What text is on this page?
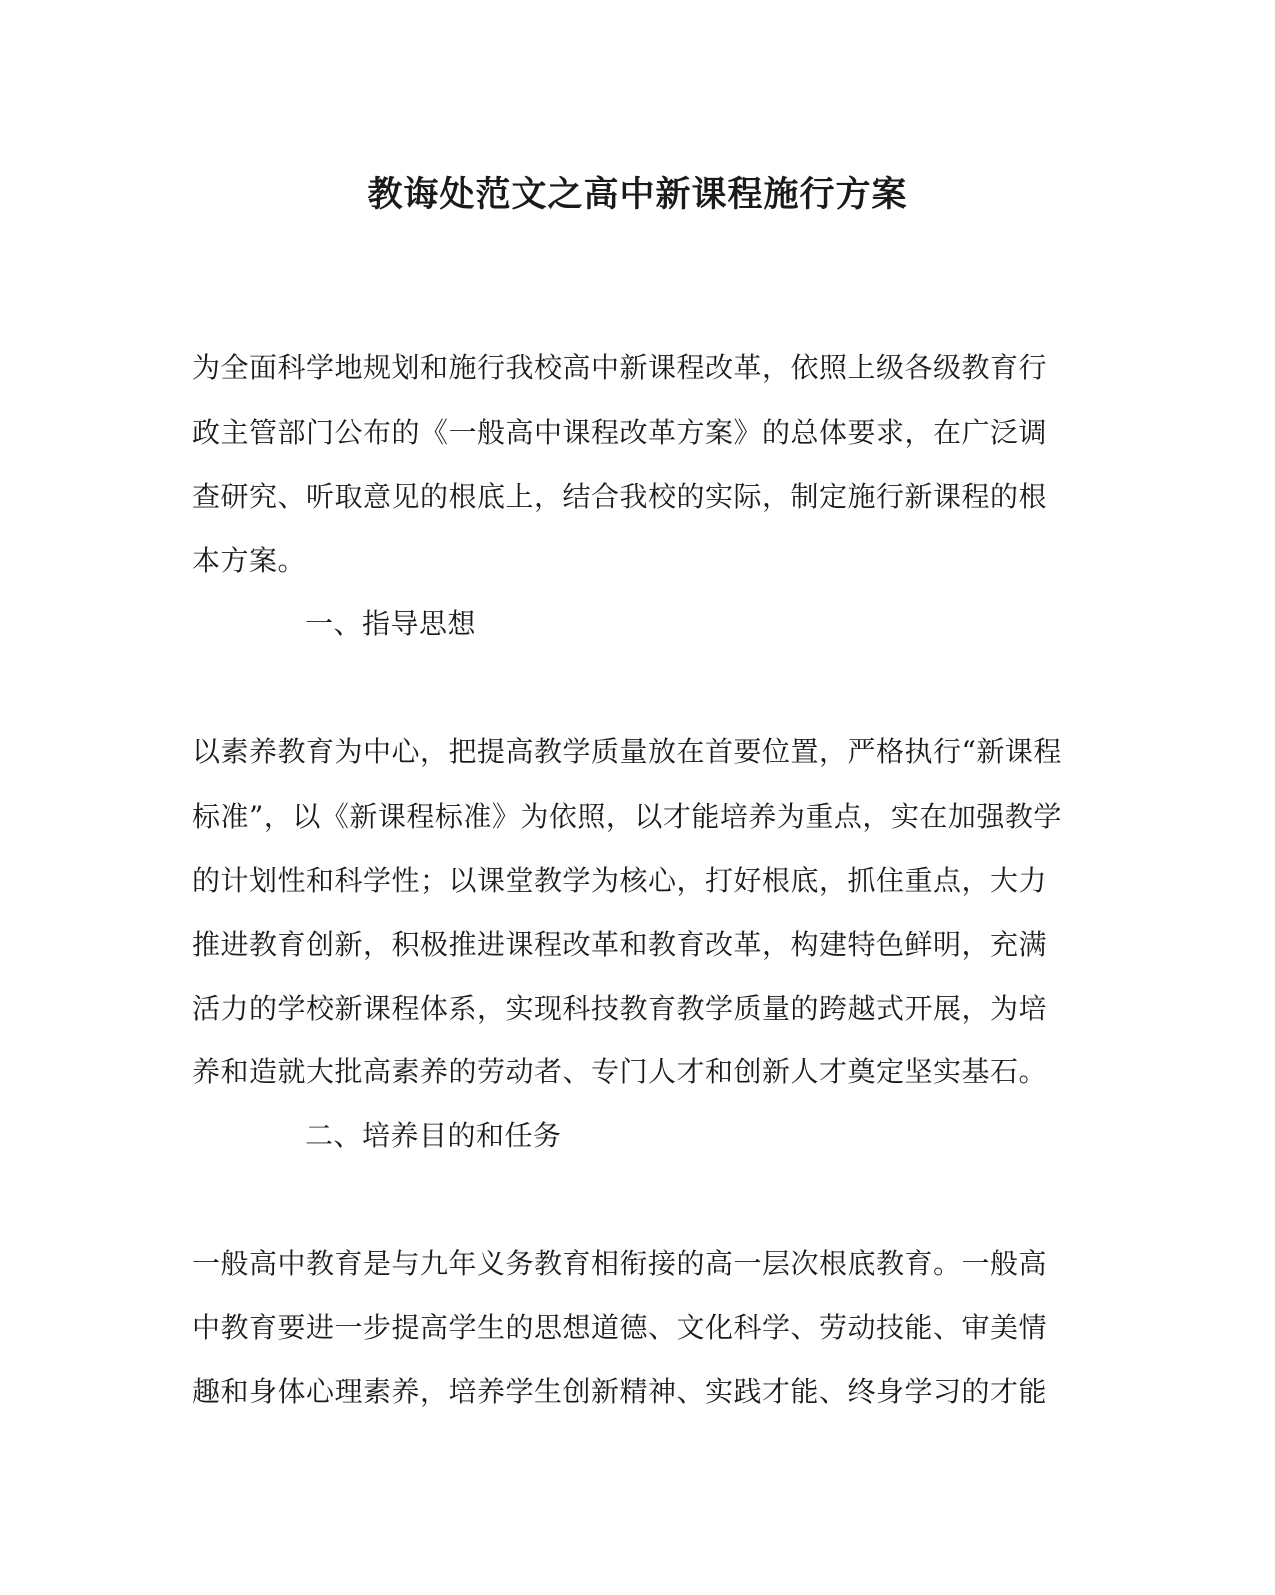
教诲处范文之高中新课程施行方案
为全面科学地规划和施行我校高中新课程改革，依照上级各级教育行
政主管部门公布的《一般高中课程改革方案》的总体要求，在广泛调
查研究、听取意见的根底上，结合我校的实际，制定施行新课程的根
本方案。
一、指导思想
以素养教育为中心，把提高教学质量放在首要位置，严格执行“新课程
标准”，以《新课程标准》为依照，以才能培养为重点，实在加强教学
的计划性和科学性；以课堂教学为核心，打好根底，抓住重点，大力
推进教育创新，积极推进课程改革和教育改革，构建特色鲜明，充满
活力的学校新课程体系，实现科技教育教学质量的跨越式开展，为培
养和造就大批高素养的劳动者、专门人才和创新人才奠定坚实基石。
二、培养目的和任务
一般高中教育是与九年义务教育相衔接的高一层次根底教育。一般高
中教育要进一步提高学生的思想道德、文化科学、劳动技能、审美情
趣和身体心理素养，培养学生创新精神、实践才能、终身学习的才能
